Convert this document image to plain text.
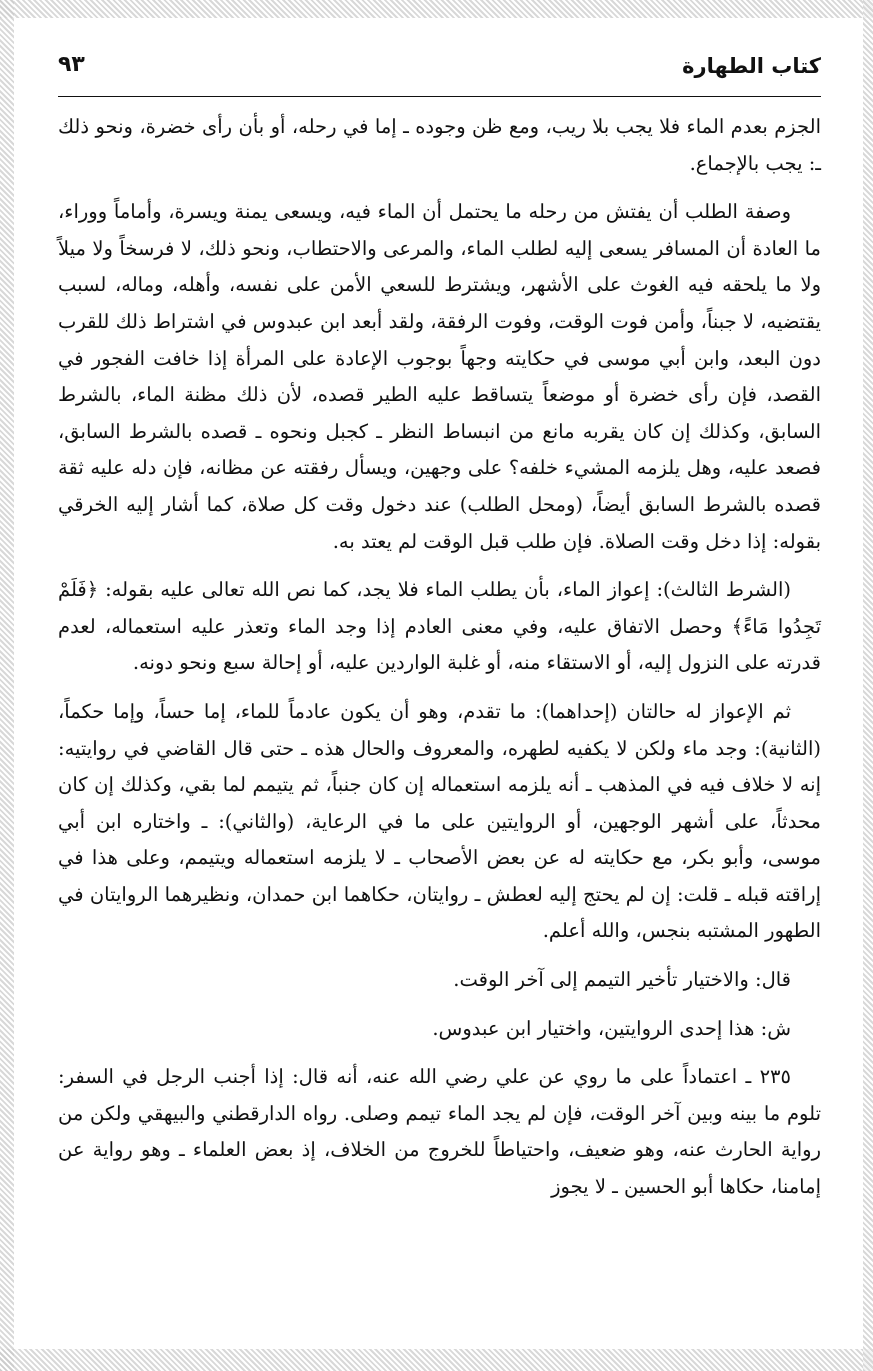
كتاب الطهارة
٩٣

الجزم بعدم الماء فلا يجب بلا ريب، ومع ظن وجوده ـ إما في رحله، أو بأن رأى خضرة، ونحو ذلك ـ: يجب بالإجماع.

وصفة الطلب أن يفتش من رحله ما يحتمل أن الماء فيه، ويسعى يمنة ويسرة، وأماماً ووراء، ما العادة أن المسافر يسعى إليه لطلب الماء، والمرعى والاحتطاب، ونحو ذلك، لا فرسخاً ولا ميلاً ولا ما يلحقه فيه الغوث على الأشهر، ويشترط للسعي الأمن على نفسه، وأهله، وماله، لسبب يقتضيه، لا جبناً، وأمن فوت الوقت، وفوت الرفقة، ولقد أبعد ابن عبدوس في اشتراط ذلك للقرب دون البعد، وابن أبي موسى في حكايته وجهاً بوجوب الإعادة على المرأة إذا خافت الفجور في القصد، فإن رأى خضرة أو موضعاً يتساقط عليه الطير قصده، لأن ذلك مظنة الماء، بالشرط السابق، وكذلك إن كان يقربه مانع من انبساط النظر ـ كجبل ونحوه ـ قصده بالشرط السابق، فصعد عليه، وهل يلزمه المشيء خلفه؟ على وجهين، ويسأل رفقته عن مظانه، فإن دله عليه ثقة قصده بالشرط السابق أيضاً، (ومحل الطلب) عند دخول وقت كل صلاة، كما أشار إليه الخرقي بقوله: إذا دخل وقت الصلاة. فإن طلب قبل الوقت لم يعتد به.

(الشرط الثالث): إعواز الماء، بأن يطلب الماء فلا يجد، كما نص الله تعالى عليه بقوله: ﴿فَلَمْ تَجِدُوا مَاءً﴾ وحصل الاتفاق عليه، وفي معنى العادم إذا وجد الماء وتعذر عليه استعماله، لعدم قدرته على النزول إليه، أو الاستقاء منه، أو غلبة الواردين عليه، أو إحالة سبع ونحو دونه.

ثم الإعواز له حالتان (إحداهما): ما تقدم، وهو أن يكون عادماً للماء، إما حساً، وإما حكماً، (الثانية): وجد ماء ولكن لا يكفيه لطهره، والمعروف والحال هذه ـ حتى قال القاضي في روايتيه: إنه لا خلاف فيه في المذهب ـ أنه يلزمه استعماله إن كان جنباً، ثم يتيمم لما بقي، وكذلك إن كان محدثاً، على أشهر الوجهين، أو الروايتين على ما في الرعاية، (والثاني): ـ واختاره ابن أبي موسى، وأبو بكر، مع حكايته له عن بعض الأصحاب ـ لا يلزمه استعماله ويتيمم، وعلى هذا في إراقته قبله ـ قلت: إن لم يحتج إليه لعطش ـ روايتان، حكاهما ابن حمدان، ونظيرهما الروايتان في الطهور المشتبه بنجس، والله أعلم.

قال: والاختيار تأخير التيمم إلى آخر الوقت.

ش: هذا إحدى الروايتين، واختيار ابن عبدوس.

٢٣٥ ـ اعتماداً على ما روي عن علي رضي الله عنه، أنه قال: إذا أجنب الرجل في السفر: تلوم ما بينه وبين آخر الوقت، فإن لم يجد الماء تيمم وصلى. رواه الدارقطني والبيهقي ولكن من رواية الحارث عنه، وهو ضعيف، واحتياطاً للخروج من الخلاف، إذ بعض العلماء ـ وهو رواية عن إمامنا، حكاها أبو الحسين ـ لا يجوز
